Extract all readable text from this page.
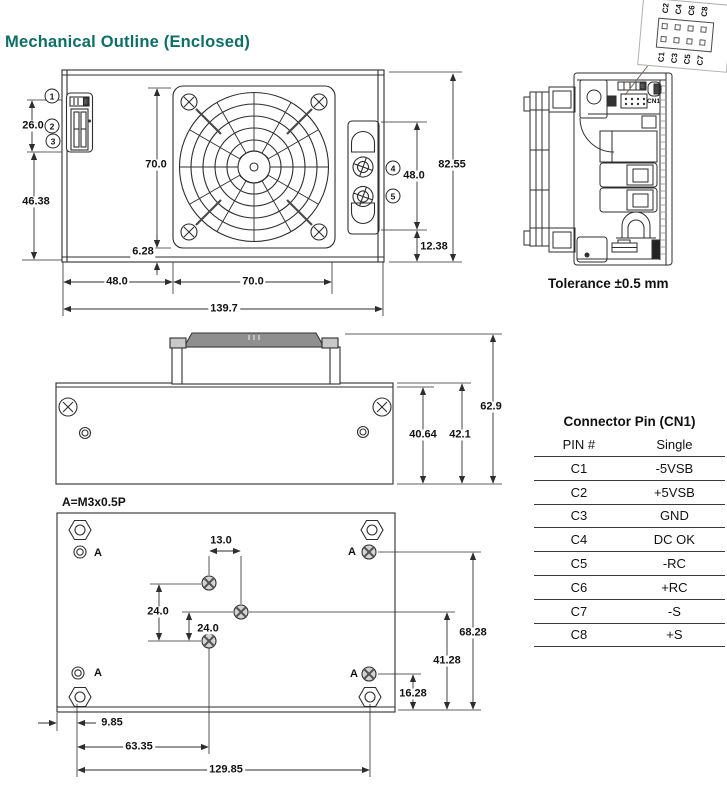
Mechanical Outline (Enclosed)
Tolerance ±0.5 mm
A=M3x0.5P
CN1
C2 C4 C6 C8
C1 C3 C5 C7
Connector Pin (CN1)
PIN #	Single
C1	-5VSB
C2	+5VSB
C3	GND
C4	DC OK
C5	-RC
C6	+RC
C7	-S
C8	+S
26.0
46.38
70.0
6.28
48.0	70.0
139.7
48.0
82.55
12.38
40.64 42.1
62.9
13.0
24.0
24.0	68.28
41.28
16.28
9.85
63.35
129.85
1
2
3
4
5
A	A
A	A
